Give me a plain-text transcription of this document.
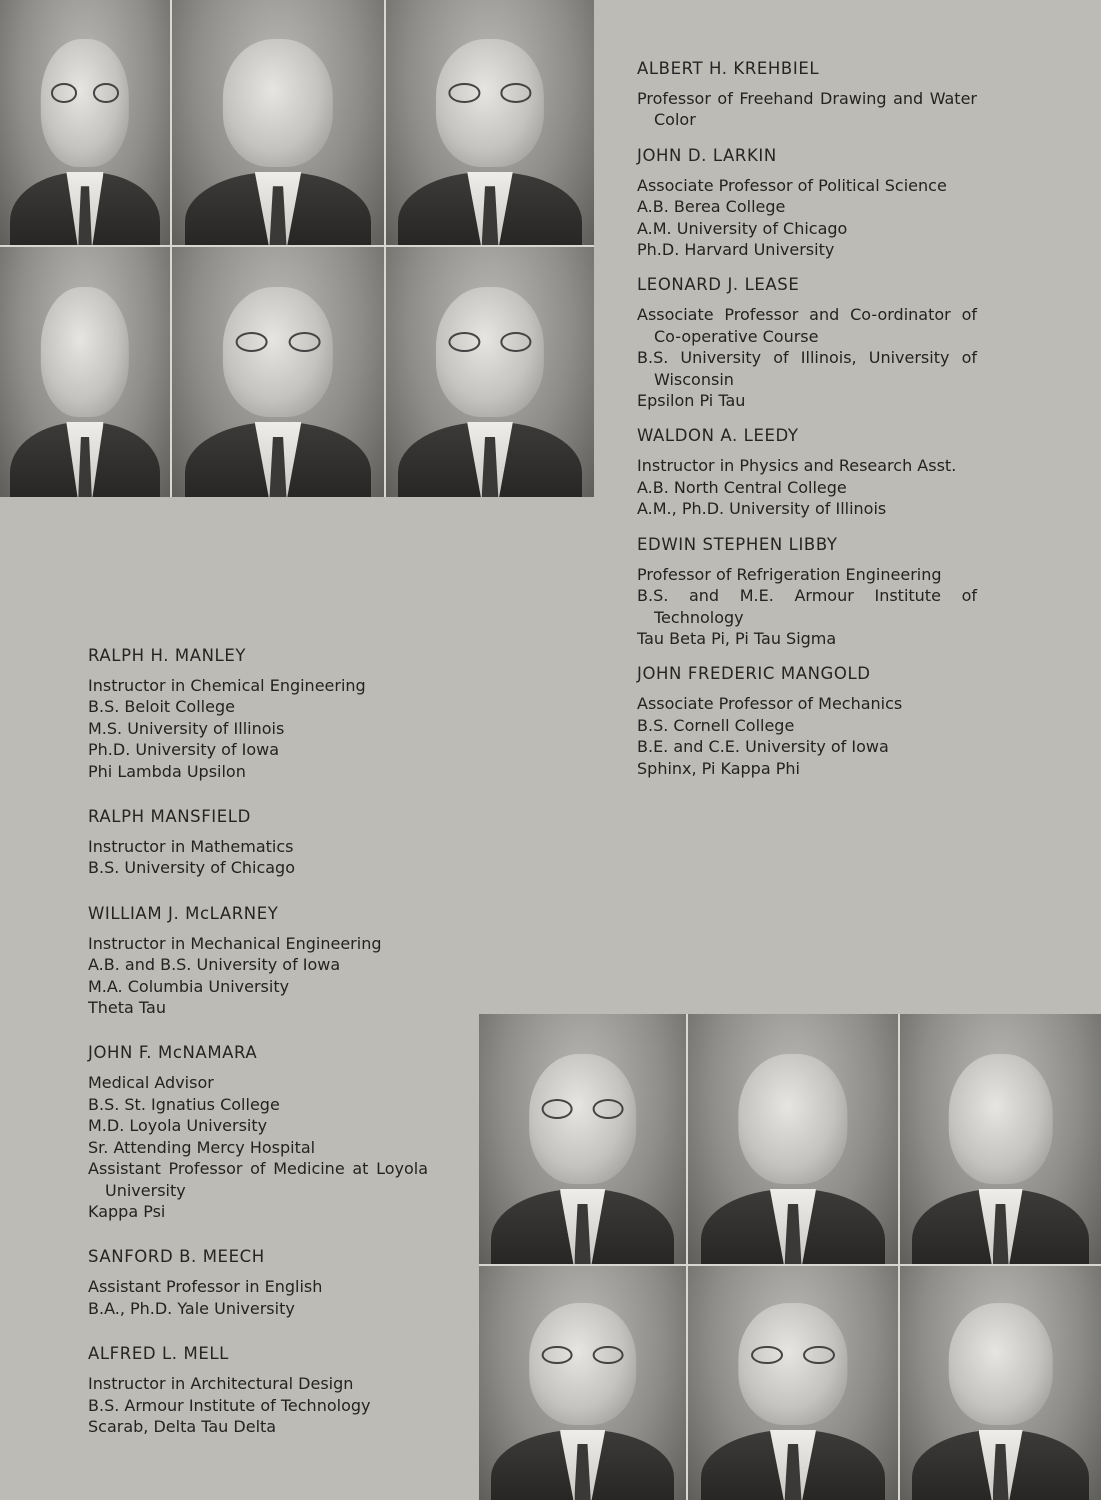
ALBERT H. KREHBIEL
Professor of Freehand Drawing and Water Color
JOHN D. LARKIN
Associate Professor of Political Science
A.B. Berea College
A.M. University of Chicago
Ph.D. Harvard University
LEONARD J. LEASE
Associate Professor and Co-ordinator of Co-operative Course
B.S. University of Illinois, University of Wisconsin
Epsilon Pi Tau
WALDON A. LEEDY
Instructor in Physics and Research Asst.
A.B. North Central College
A.M., Ph.D. University of Illinois
EDWIN STEPHEN LIBBY
Professor of Refrigeration Engineering
B.S. and M.E. Armour Institute of Technology
Tau Beta Pi, Pi Tau Sigma
JOHN FREDERIC MANGOLD
Associate Professor of Mechanics
B.S. Cornell College
B.E. and C.E. University of Iowa
Sphinx, Pi Kappa Phi
RALPH H. MANLEY
Instructor in Chemical Engineering
B.S. Beloit College
M.S. University of Illinois
Ph.D. University of Iowa
Phi Lambda Upsilon
RALPH MANSFIELD
Instructor in Mathematics
B.S. University of Chicago
WILLIAM J. McLARNEY
Instructor in Mechanical Engineering
A.B. and B.S. University of Iowa
M.A. Columbia University
Theta Tau
JOHN F. McNAMARA
Medical Advisor
B.S. St. Ignatius College
M.D. Loyola University
Sr. Attending Mercy Hospital
Assistant Professor of Medicine at Loyola University
Kappa Psi
SANFORD B. MEECH
Assistant Professor in English
B.A., Ph.D. Yale University
ALFRED L. MELL
Instructor in Architectural Design
B.S. Armour Institute of Technology
Scarab, Delta Tau Delta
